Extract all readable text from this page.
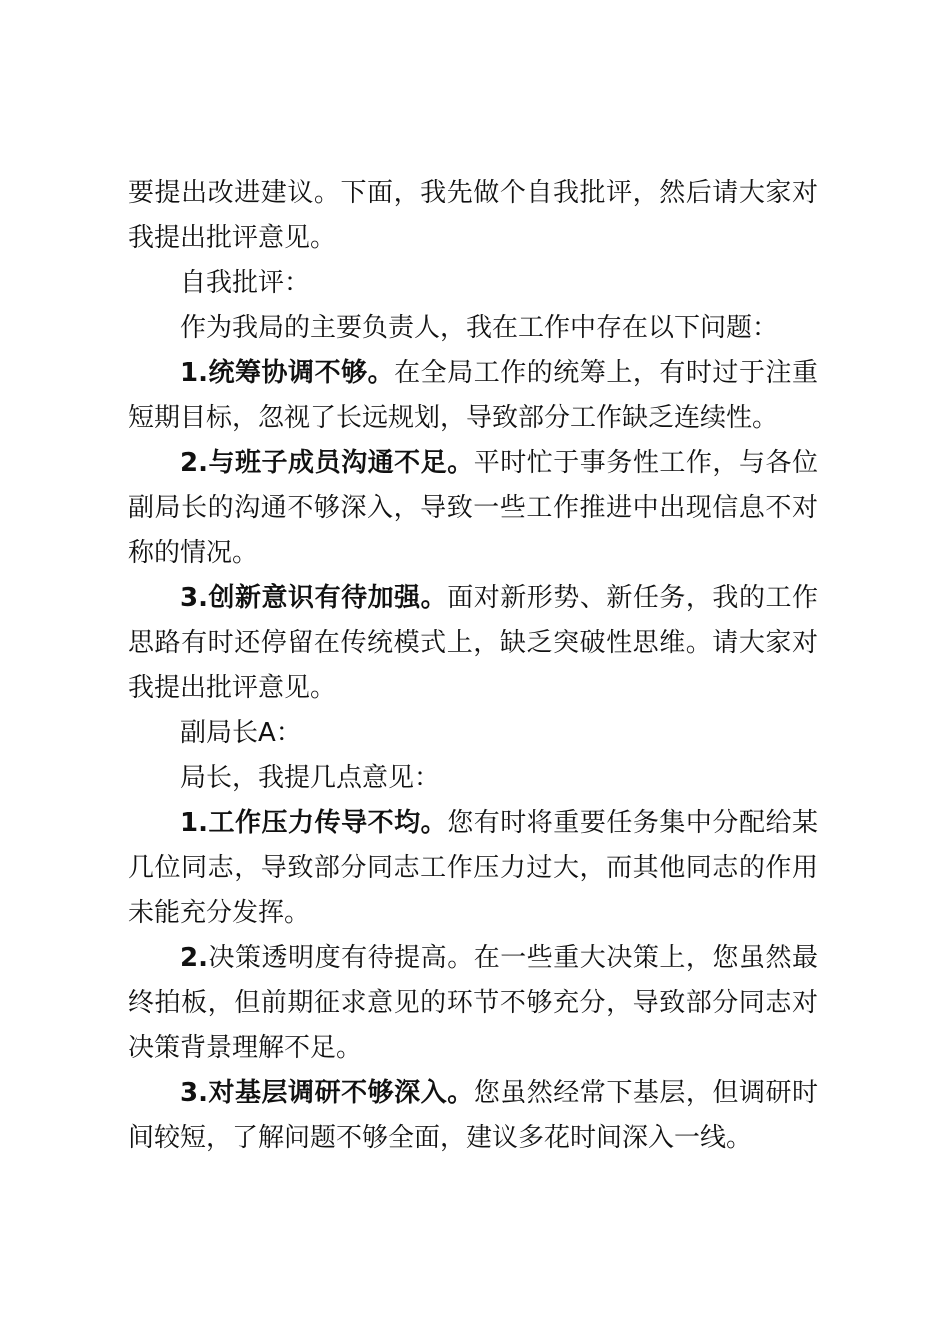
要提出改进建议。下面，我先做个自我批评，然后请大家对我提出批评意见。

自我批评：

作为我局的主要负责人，我在工作中存在以下问题：

1.统筹协调不够。在全局工作的统筹上，有时过于注重短期目标，忽视了长远规划，导致部分工作缺乏连续性。

2.与班子成员沟通不足。平时忙于事务性工作，与各位副局长的沟通不够深入，导致一些工作推进中出现信息不对称的情况。

3.创新意识有待加强。面对新形势、新任务，我的工作思路有时还停留在传统模式上，缺乏突破性思维。请大家对我提出批评意见。

副局长A：

局长，我提几点意见：

1.工作压力传导不均。您有时将重要任务集中分配给某几位同志，导致部分同志工作压力过大，而其他同志的作用未能充分发挥。

2.决策透明度有待提高。在一些重大决策上，您虽然最终拍板，但前期征求意见的环节不够充分，导致部分同志对决策背景理解不足。

3.对基层调研不够深入。您虽然经常下基层，但调研时间较短，了解问题不够全面，建议多花时间深入一线。
